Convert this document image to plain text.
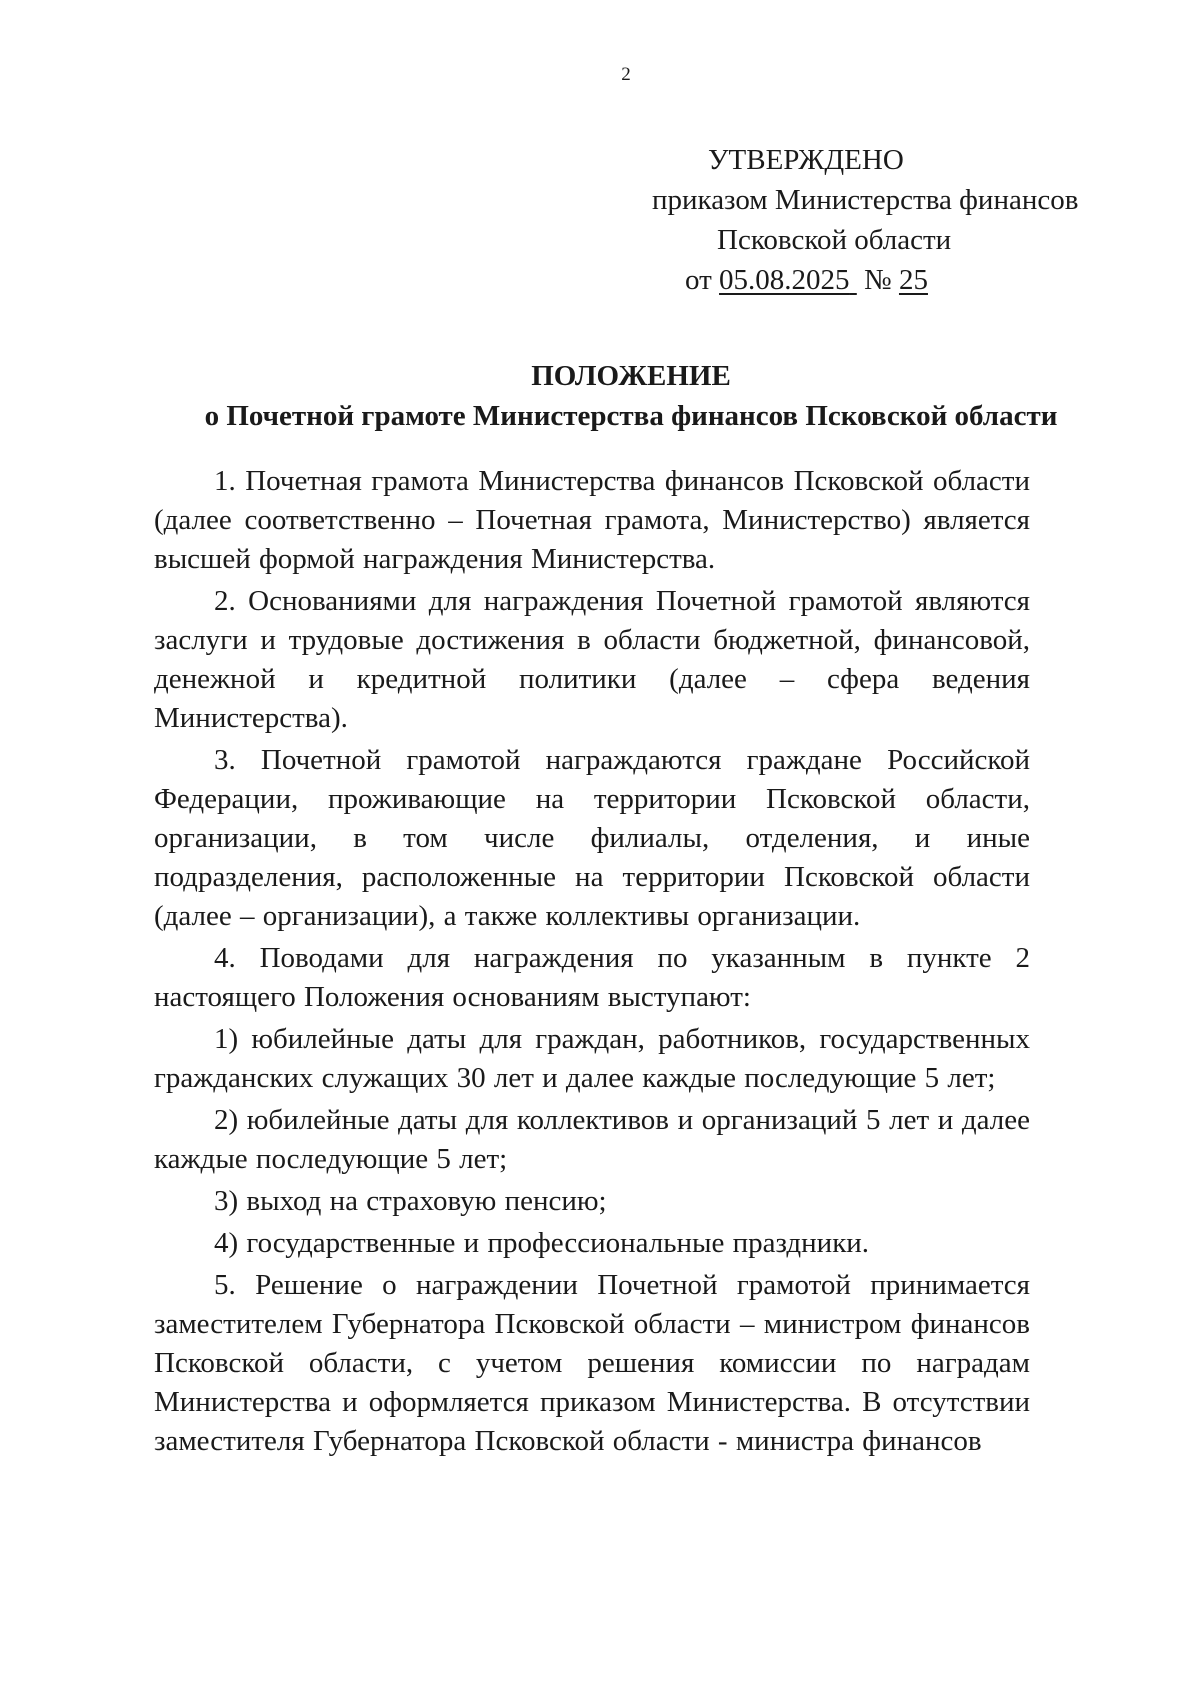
2
УТВЕРЖДЕНО
приказом Министерства финансов
Псковской области
от 05.08.2025 № 25
ПОЛОЖЕНИЕ
о Почетной грамоте Министерства финансов Псковской области

1. Почетная грамота Министерства финансов Псковской области (далее соответственно – Почетная грамота, Министерство) является высшей формой награждения Министерства.

2. Основаниями для награждения Почетной грамотой являются заслуги и трудовые достижения в области бюджетной, финансовой, денежной и кредитной политики (далее – сфера ведения Министерства).

3. Почетной грамотой награждаются граждане Российской Федерации, проживающие на территории Псковской области, организации, в том числе филиалы, отделения, и иные подразделения, расположенные на территории Псковской области (далее – организации), а также коллективы организации.

4. Поводами для награждения по указанным в пункте 2 настоящего Положения основаниям выступают:

1) юбилейные даты для граждан, работников, государственных гражданских служащих 30 лет и далее каждые последующие 5 лет;

2) юбилейные даты для коллективов и организаций 5 лет и далее каждые последующие 5 лет;

3) выход на страховую пенсию;

4) государственные и профессиональные праздники.

5. Решение о награждении Почетной грамотой принимается заместителем Губернатора Псковской области – министром финансов Псковской области, с учетом решения комиссии по наградам Министерства и оформляется приказом Министерства. В отсутствии заместителя Губернатора Псковской области - министра финансов
